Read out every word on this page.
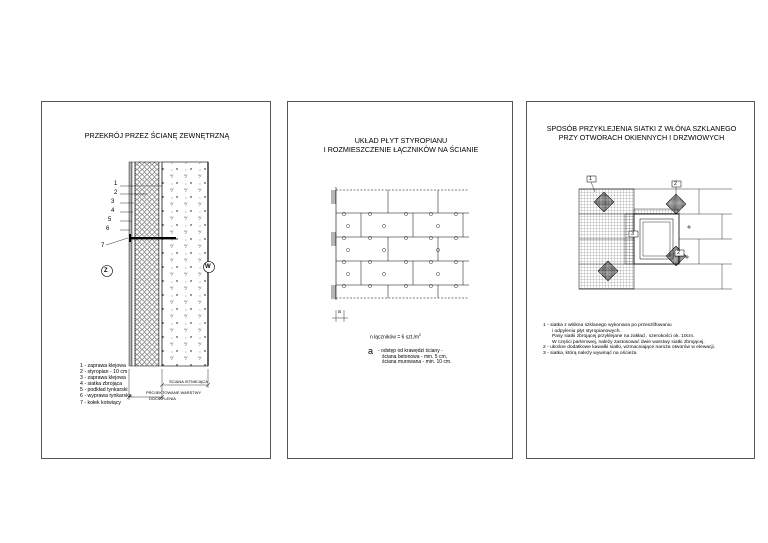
PRZEKRÓJ PRZEZ ŚCIANĘ ZEWNĘTRZNĄ
1
2
3
4
5
6
7
Z
W
ŚCIANA ISTNIEJĄCA
PROJEKTOWANE WARSTWY
DOCIEPLENIA
1 - zaprawa klejowa
2 - styropian - 10 cm
3 - zaprawa klejowa
4 - siatka zbrojąca
5 - podkład tynkarski
6 - wyprawa tynkarska
7 - kołek kotwiący
UKŁAD PŁYT STYROPIANU
I ROZMIESZCZENIE ŁĄCZNIKÓW NA ŚCIANIE
a
n łączników = 6 $szt./m^2$
a - odstęp od krawędzi ściany -
ściana betonowa - min. 5 cm,
ściana murowana - min. 10 cm.
SPOSÓB PRZYKLEJENIA SIATKI Z WŁÓNA SZKLANEGO
PRZY OTWORACH OKIENNYCH I DRZWIOWYCH
1
2
3
2
1 - siatka z włókna szklanego wykonana po przeszlifowaniu
i odpyleniu płyt styropianowych.
Pasy siatki zbrojącej przyklejane na zakład , szerokości ok. 10cm.
W części parterowej, należy zastosować dwie warstwy siatki zbrojącej.
2 - ukośne dodatkowe kawałki siatki, wzmacniające naroża otworów w elewacji.
3 - siatka, którą należy wywinąć na ościeża
